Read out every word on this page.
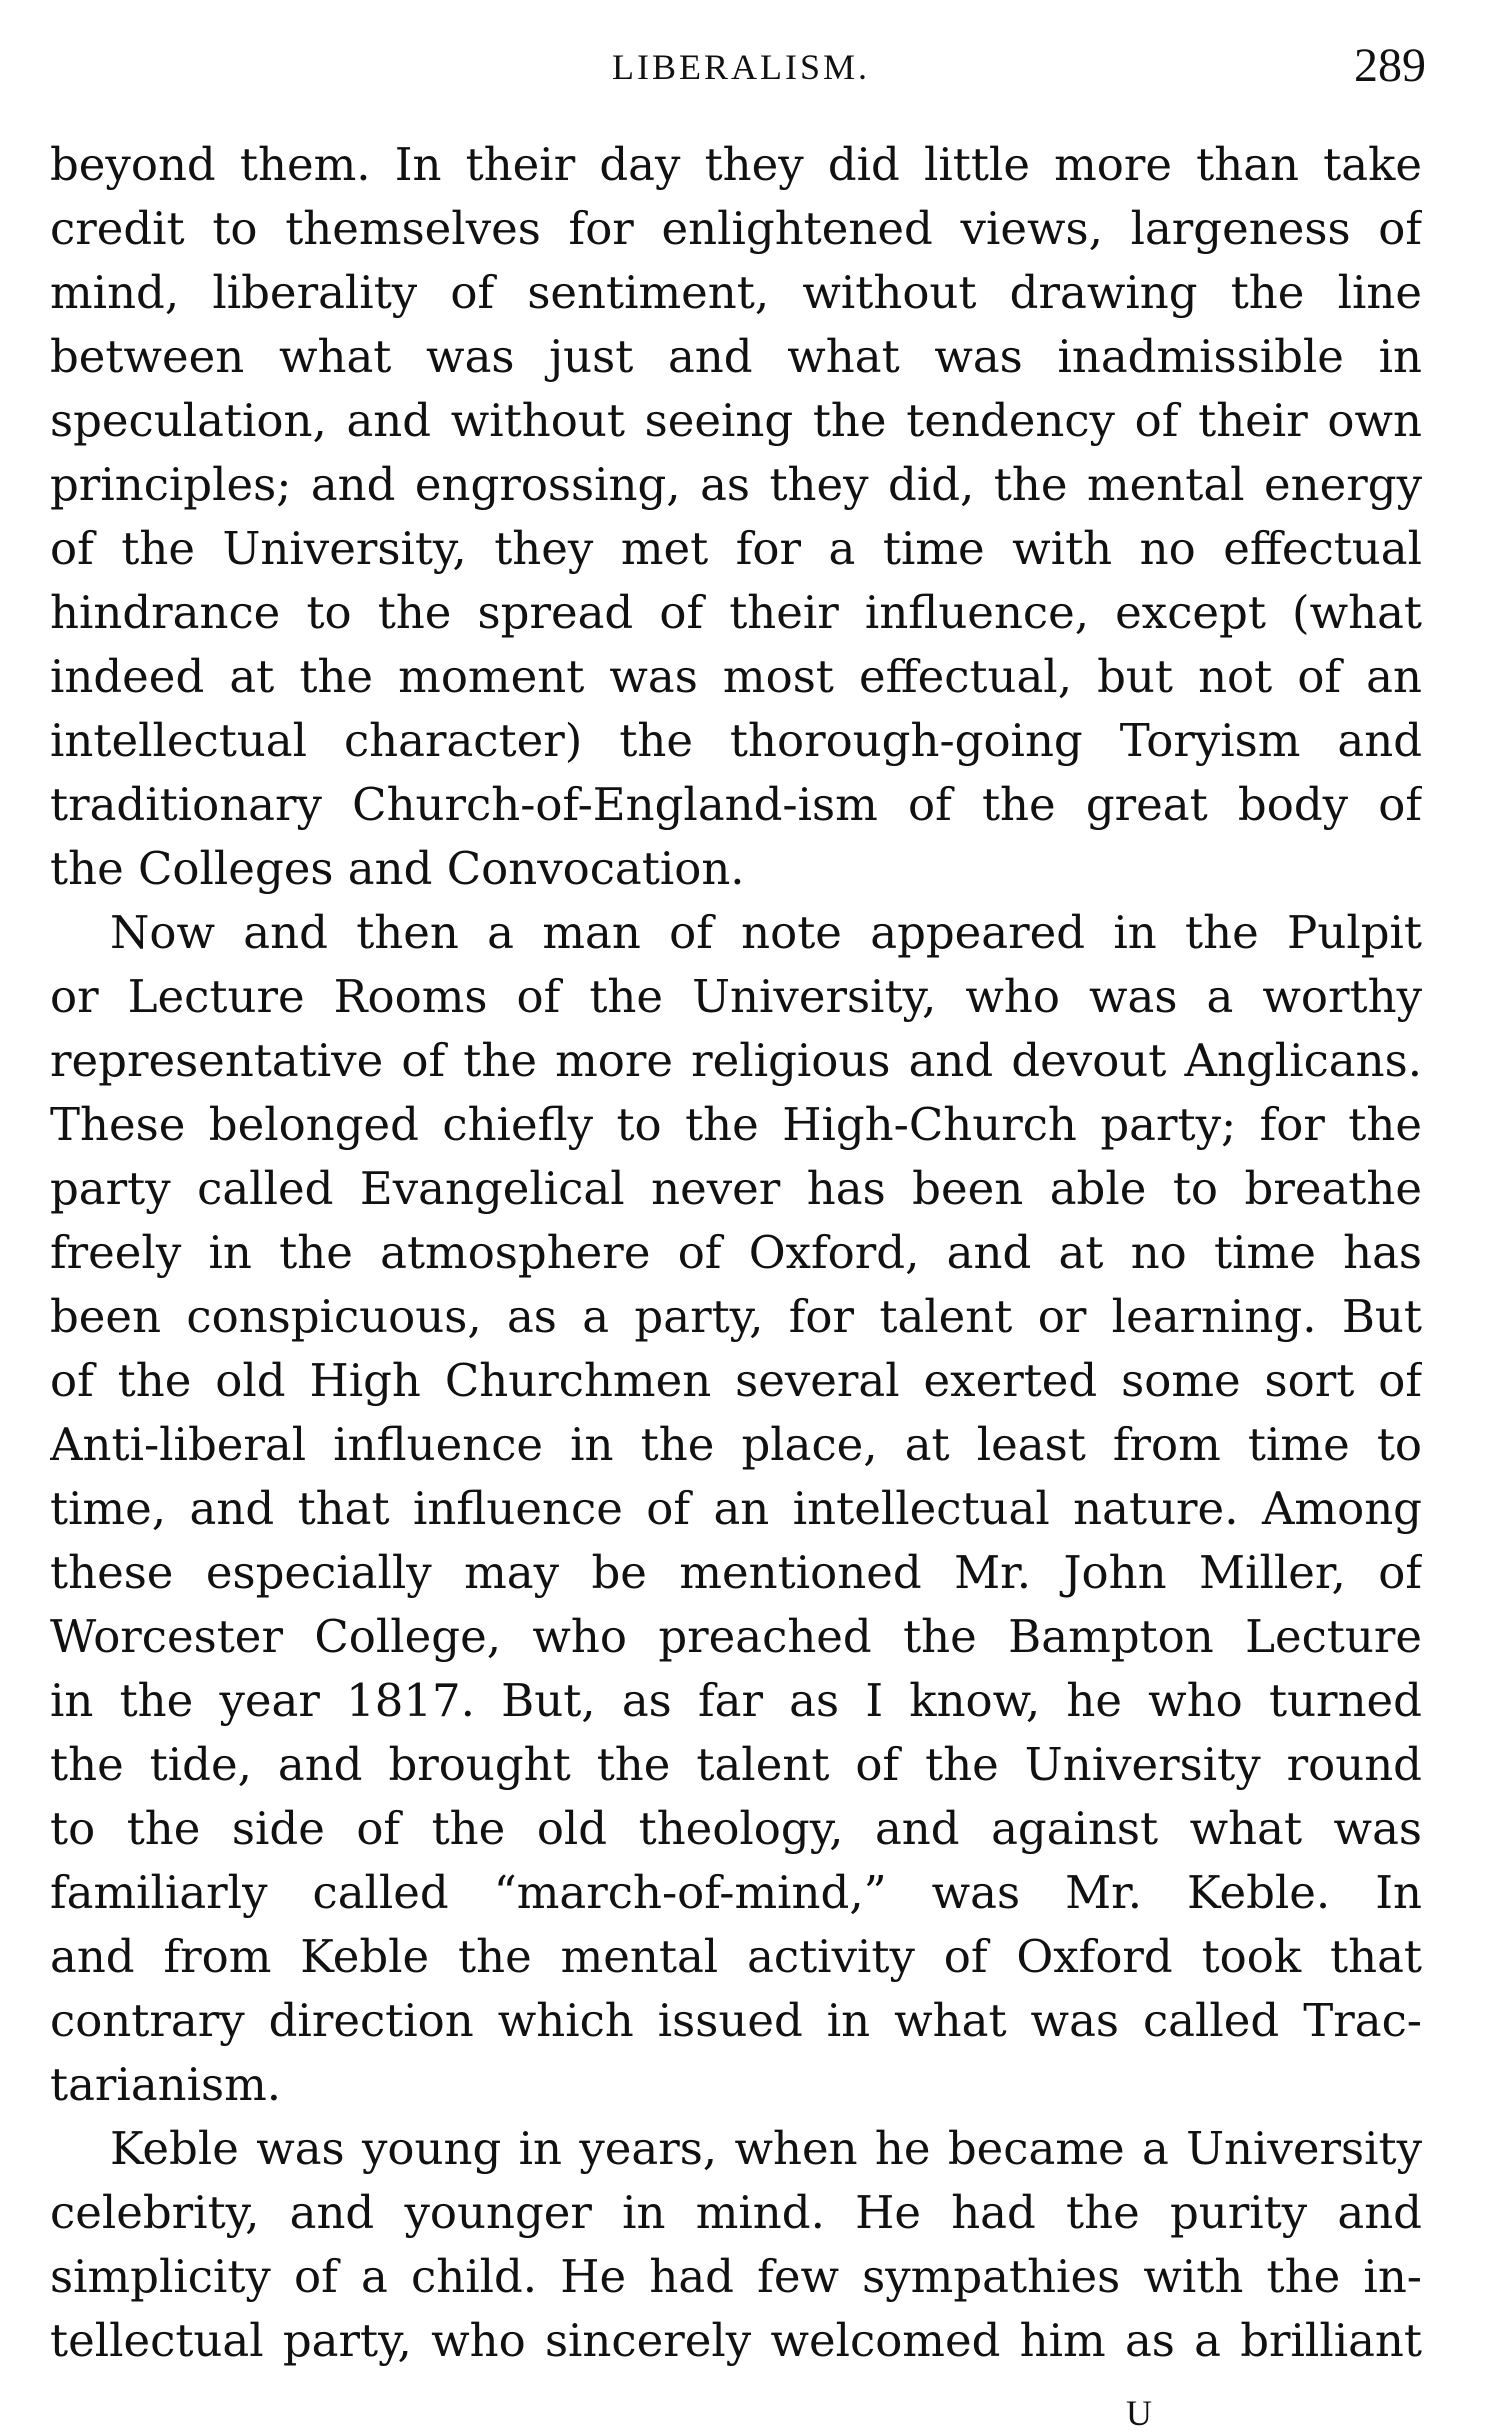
LIBERALISM.	289
beyond them. In their day they did little more than take
credit to themselves for enlightened views, largeness of
mind, liberality of sentiment, without drawing the line
between what was just and what was inadmissible in
speculation, and without seeing the tendency of their own
principles; and engrossing, as they did, the mental energy
of the University, they met for a time with no effectual
hindrance to the spread of their influence, except (what
indeed at the moment was most effectual, but not of an
intellectual character) the thorough-going Toryism and
traditionary Church-of-England-ism of the great body of
the Colleges and Convocation.
Now and then a man of note appeared in the Pulpit
or Lecture Rooms of the University, who was a worthy
representative of the more religious and devout Anglicans.
These belonged chiefly to the High-Church party; for the
party called Evangelical never has been able to breathe
freely in the atmosphere of Oxford, and at no time has
been conspicuous, as a party, for talent or learning. But
of the old High Churchmen several exerted some sort of
Anti-liberal influence in the place, at least from time to
time, and that influence of an intellectual nature. Among
these especially may be mentioned Mr. John Miller, of
Worcester College, who preached the Bampton Lecture
in the year 1817. But, as far as I know, he who turned
the tide, and brought the talent of the University round
to the side of the old theology, and against what was
familiarly called “march-of-mind,” was Mr. Keble. In
and from Keble the mental activity of Oxford took that
contrary direction which issued in what was called Trac-
tarianism.
Keble was young in years, when he became a University
celebrity, and younger in mind. He had the purity and
simplicity of a child. He had few sympathies with the in-
tellectual party, who sincerely welcomed him as a brilliant
U
